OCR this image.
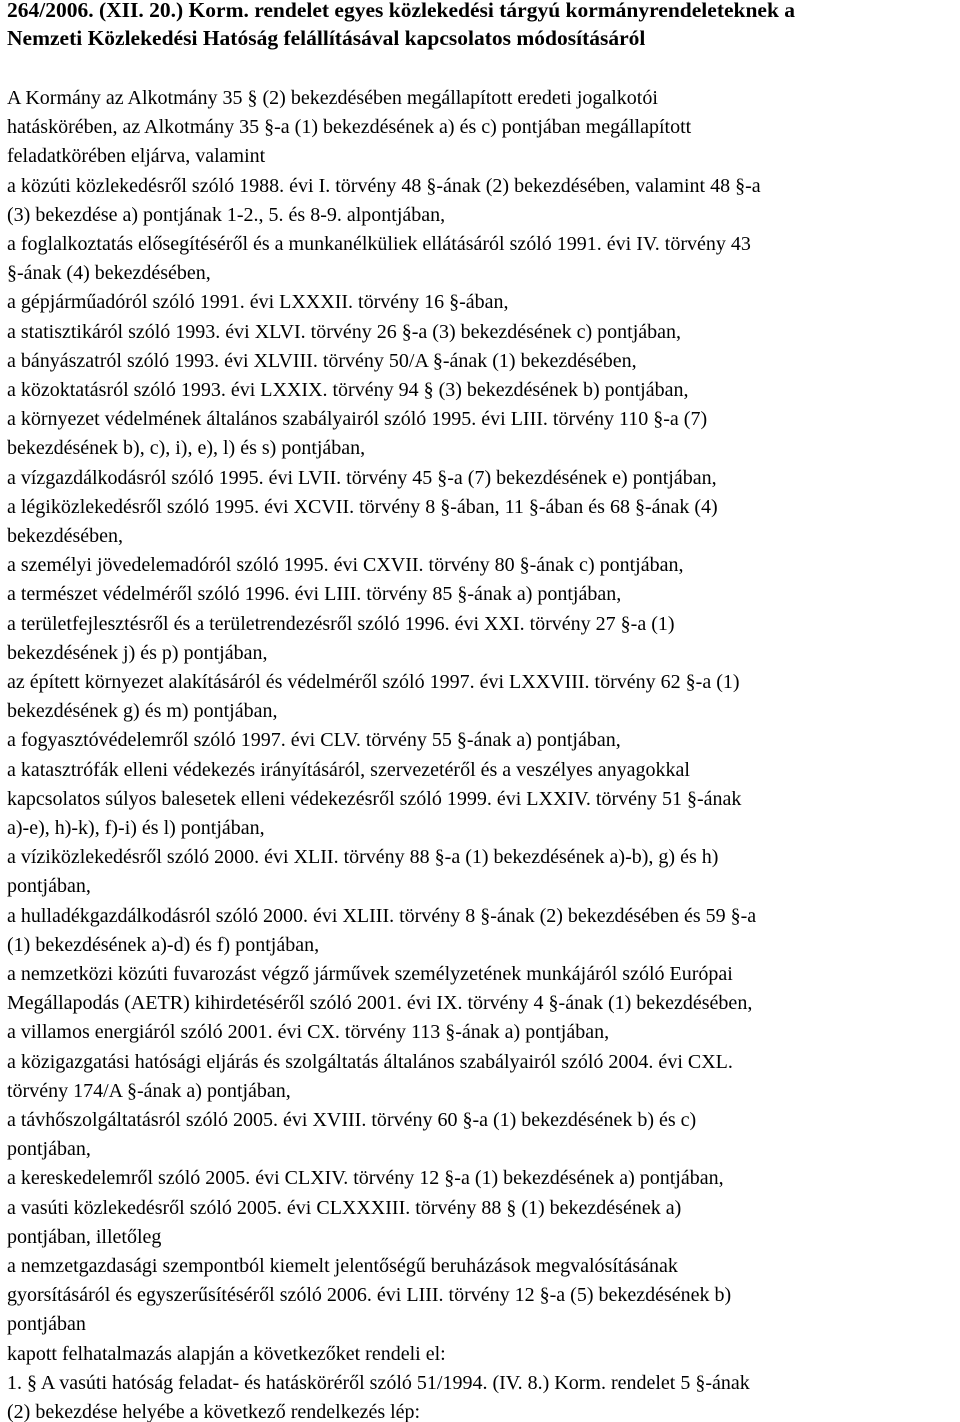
264/2006. (XII. 20.) Korm. rendelet egyes közlekedési tárgyú kormányrendeleteknek a
Nemzeti Közlekedési Hatóság felállításával kapcsolatos módosításáról
A Kormány az Alkotmány 35 § (2) bekezdésében megállapított eredeti jogalkotói
hatáskörében, az Alkotmány 35 §-a (1) bekezdésének a) és c) pontjában megállapított
feladatkörében eljárva, valamint
a közúti közlekedésről szóló 1988. évi I. törvény 48 §-ának (2) bekezdésében, valamint 48 §-a
(3) bekezdése a) pontjának 1-2., 5. és 8-9. alpontjában,
a foglalkoztatás elősegítéséről és a munkanélküliek ellátásáról szóló 1991. évi IV. törvény 43
§-ának (4) bekezdésében,
a gépjárműadóról szóló 1991. évi LXXXII. törvény 16 §-ában,
a statisztikáról szóló 1993. évi XLVI. törvény 26 §-a (3) bekezdésének c) pontjában,
a bányászatról szóló 1993. évi XLVIII. törvény 50/A §-ának (1) bekezdésében,
a közoktatásról szóló 1993. évi LXXIX. törvény 94 § (3) bekezdésének b) pontjában,
a környezet védelmének általános szabályairól szóló 1995. évi LIII. törvény 110 §-a (7)
bekezdésének b), c), i), e), l) és s) pontjában,
a vízgazdálkodásról szóló 1995. évi LVII. törvény 45 §-a (7) bekezdésének e) pontjában,
a légiközlekedésről szóló 1995. évi XCVII. törvény 8 §-ában, 11 §-ában és 68 §-ának (4)
bekezdésében,
a személyi jövedelemadóról szóló 1995. évi CXVII. törvény 80 §-ának c) pontjában,
a természet védelméről szóló 1996. évi LIII. törvény 85 §-ának a) pontjában,
a területfejlesztésről és a területrendezésről szóló 1996. évi XXI. törvény 27 §-a (1)
bekezdésének j) és p) pontjában,
az épített környezet alakításáról és védelméről szóló 1997. évi LXXVIII. törvény 62 §-a (1)
bekezdésének g) és m) pontjában,
a fogyasztóvédelemről szóló 1997. évi CLV. törvény 55 §-ának a) pontjában,
a katasztrófák elleni védekezés irányításáról, szervezetéről és a veszélyes anyagokkal
kapcsolatos súlyos balesetek elleni védekezésről szóló 1999. évi LXXIV. törvény 51 §-ának
a)-e), h)-k), f)-i) és l) pontjában,
a víziközlekedésről szóló 2000. évi XLII. törvény 88 §-a (1) bekezdésének a)-b), g) és h)
pontjában,
a hulladékgazdálkodásról szóló 2000. évi XLIII. törvény 8 §-ának (2) bekezdésében és 59 §-a
(1) bekezdésének a)-d) és f) pontjában,
a nemzetközi közúti fuvarozást végző járművek személyzetének munkájáról szóló Európai
Megállapodás (AETR) kihirdetéséről szóló 2001. évi IX. törvény 4 §-ának (1) bekezdésében,
a villamos energiáról szóló 2001. évi CX. törvény 113 §-ának a) pontjában,
a közigazgatási hatósági eljárás és szolgáltatás általános szabályairól szóló 2004. évi CXL.
törvény 174/A §-ának a) pontjában,
a távhőszolgáltatásról szóló 2005. évi XVIII. törvény 60 §-a (1) bekezdésének b) és c)
pontjában,
a kereskedelemről szóló 2005. évi CLXIV. törvény 12 §-a (1) bekezdésének a) pontjában,
a vasúti közlekedésről szóló 2005. évi CLXXXIII. törvény 88 § (1) bekezdésének a)
pontjában, illetőleg
a nemzetgazdasági szempontból kiemelt jelentőségű beruházások megvalósításának
gyorsításáról és egyszerűsítéséről szóló 2006. évi LIII. törvény 12 §-a (5) bekezdésének b)
pontjában
kapott felhatalmazás alapján a következőket rendeli el:
1. § A vasúti hatóság feladat- és hatásköréről szóló 51/1994. (IV. 8.) Korm. rendelet 5 §-ának
(2) bekezdése helyébe a következő rendelkezés lép:
